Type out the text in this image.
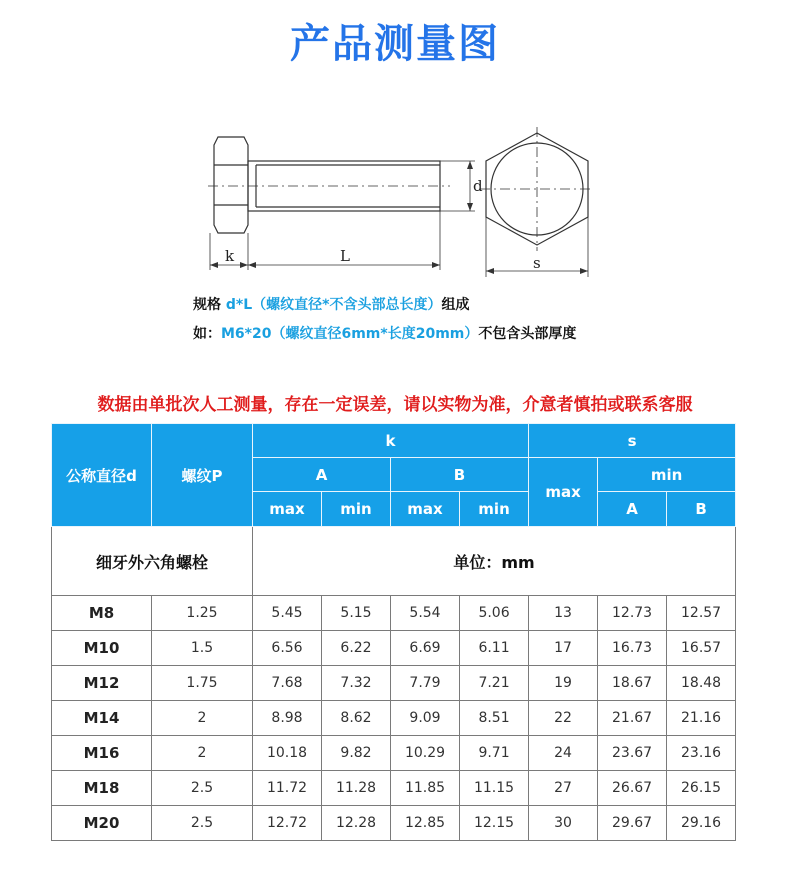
产品测量图
d
k	L	s
规格 d*L（螺纹直径*不含头部总长度）组成
如：M6*20（螺纹直径6mm*长度20mm）不包含头部厚度
数据由单批次人工测量，存在一定误差，请以实物为准，介意者慎拍或联系客服
细牙外六角螺栓		单位：mm						
公称直径d	螺纹P	k				s		
		A		B		max	min	
		max	min	max	min		A	B
M8	1.25	5.45	5.15	5.54	5.06	13	12.73	12.57
M10	1.5	6.56	6.22	6.69	6.11	17	16.73	16.57
M12	1.75	7.68	7.32	7.79	7.21	19	18.67	18.48
M14	2	8.98	8.62	9.09	8.51	22	21.67	21.16
M16	2	10.18	9.82	10.29	9.71	24	23.67	23.16
M18	2.5	11.72	11.28	11.85	11.15	27	26.67	26.15
M20	2.5	12.72	12.28	12.85	12.15	30	29.67	29.16
